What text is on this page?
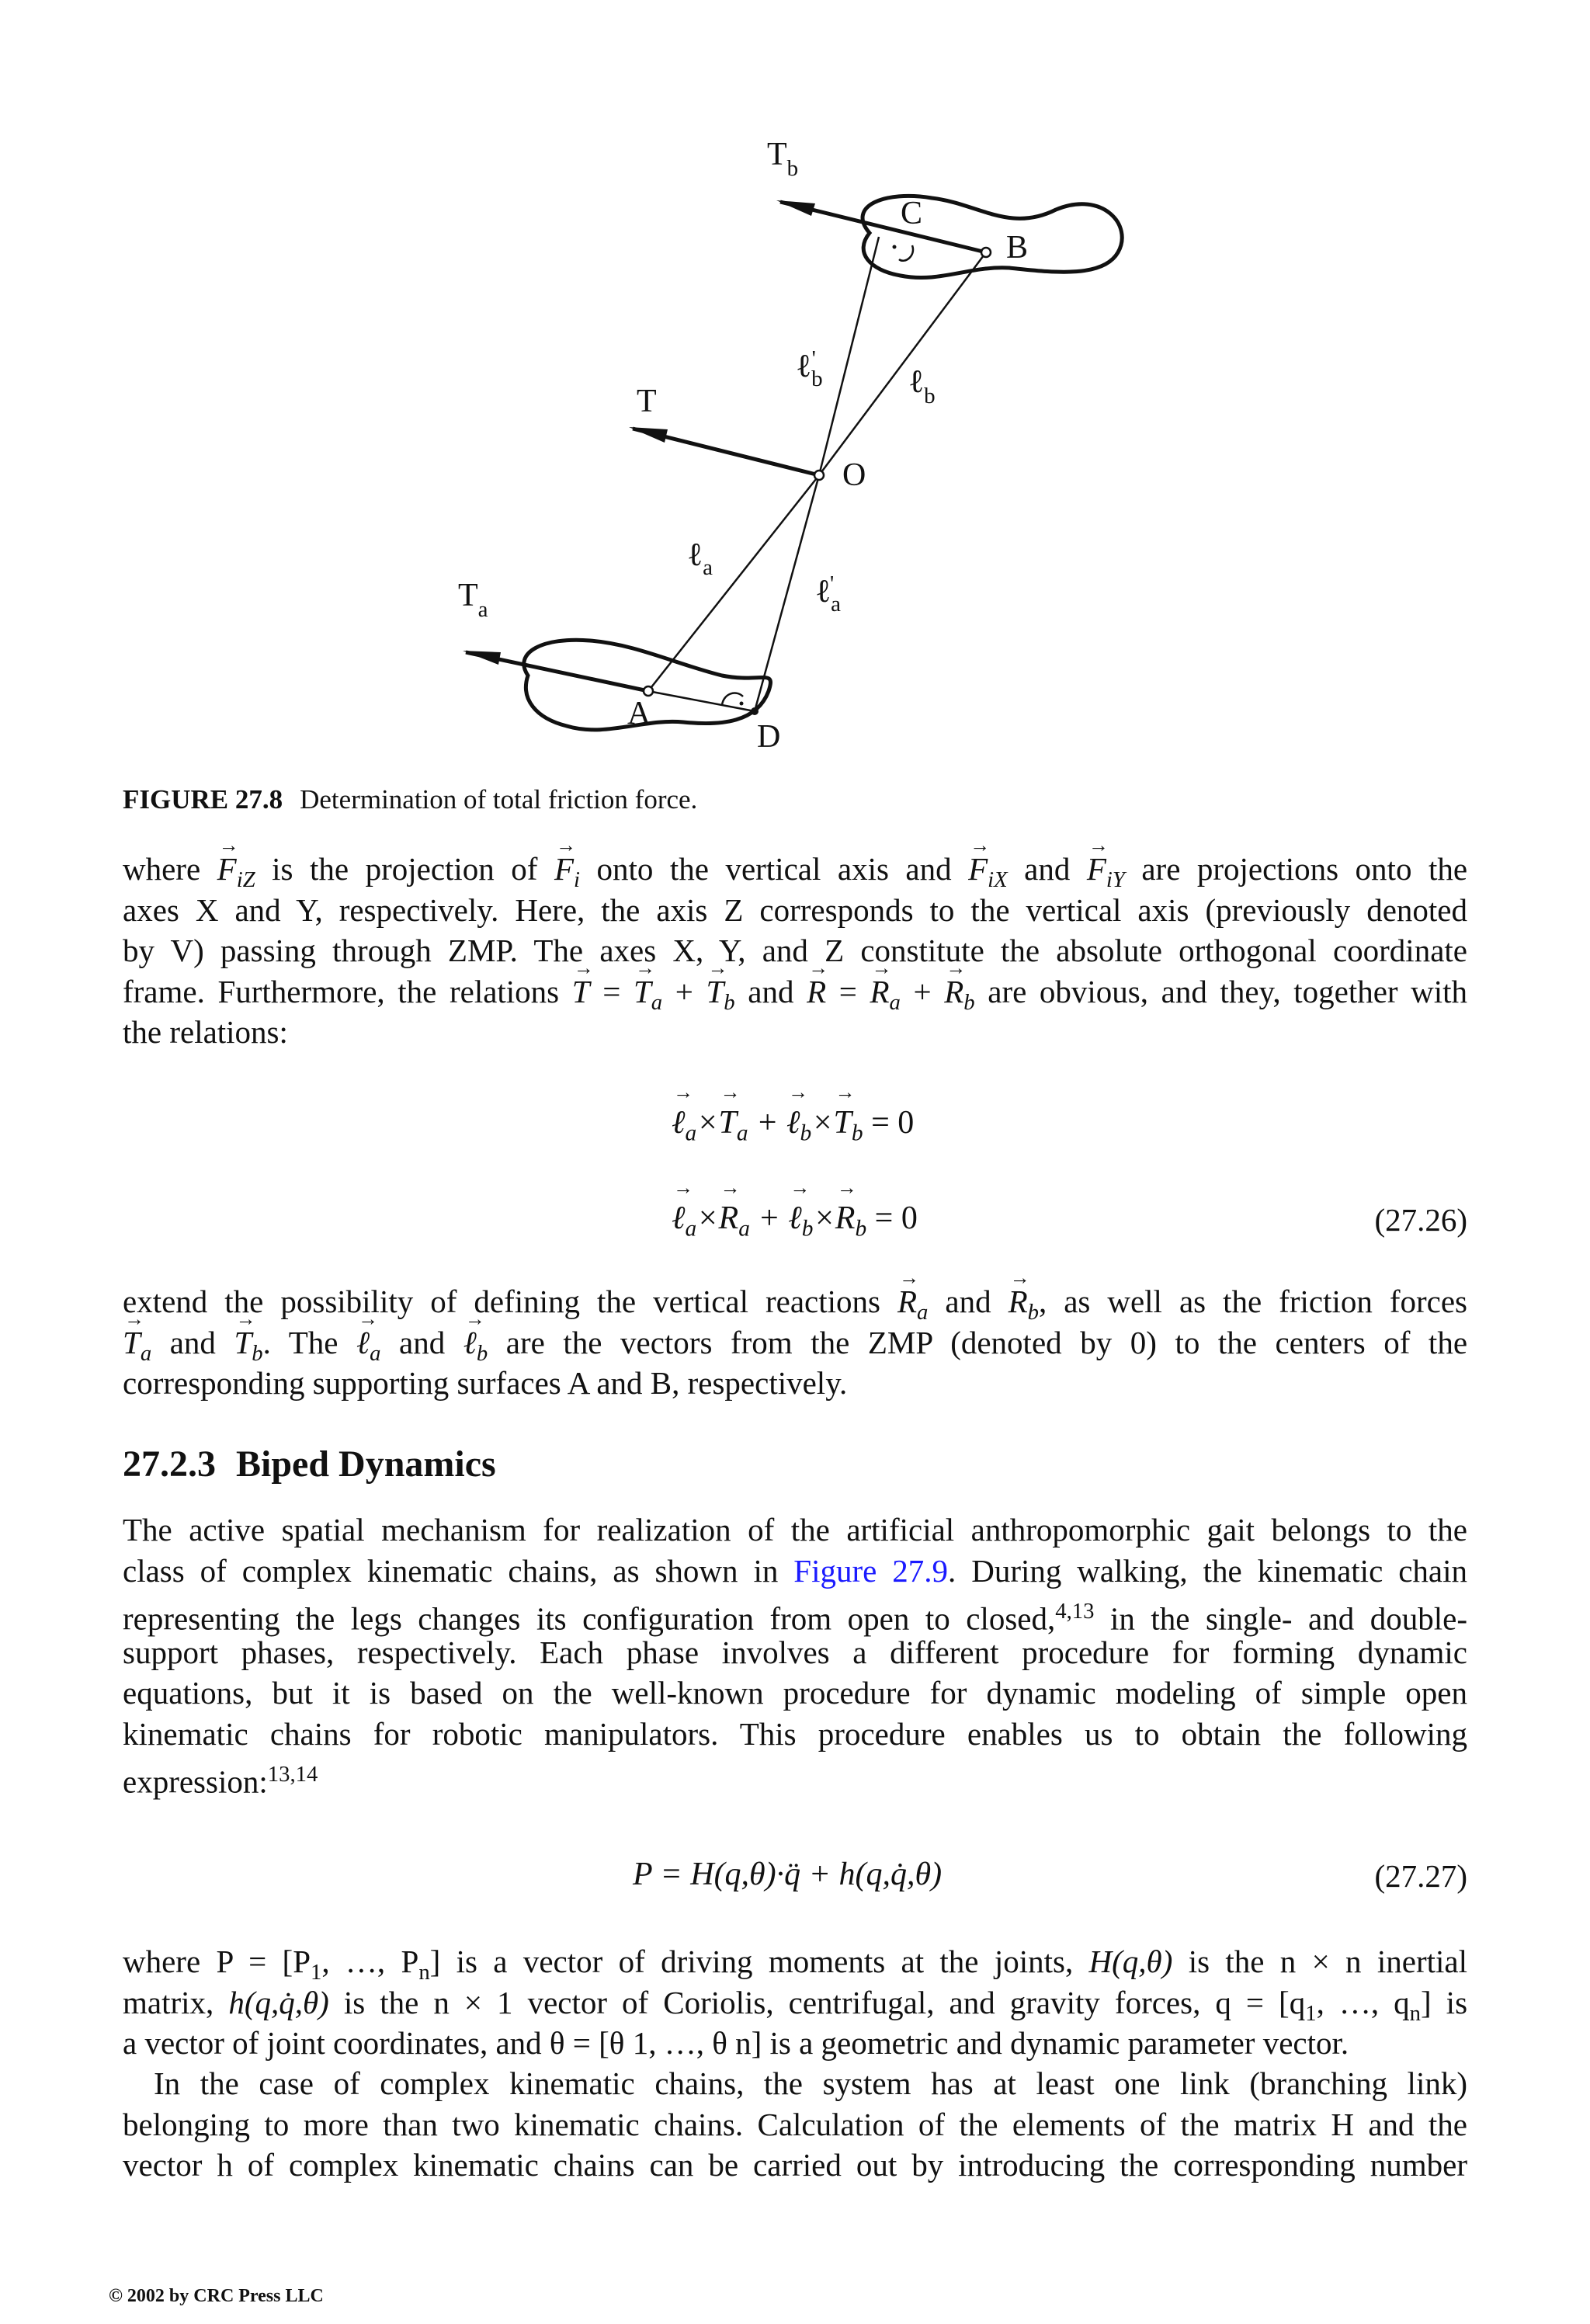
$T_b$
C
B
ℓ$_b$'
ℓ$_b$
T
O
ℓ$_a$
ℓ$_a$'
$T_a$
A
D
FIGURE 27.8 Determination of total friction force.
where → $F_{iZ}$ is the projection of → $F_i$ onto the vertical axis and → $F_{iX}$ and → $F_{iY}$ are projections onto the
axes X and Y, respectively. Here, the axis Z corresponds to the vertical axis (previously denoted
by V) passing through ZMP. The axes X, Y, and Z constitute the absolute orthogonal coordinate
frame. Furthermore, the relations → T = → $T_a$ + → $T_b$ and → R = → $R_a$ + → $R_b$ are obvious, and they, together with
the relations:
→ ℓ$_a$×→ $T_a$ + → ℓ$_b$×→ $T_b = 0$
→ ℓ$_a$×→ $R_a$ + → ℓ$_b$×→ $R_b = 0$	(27.26)
extend the possibility of defining the vertical reactions → $R_a$ and → $R_b$, as well as the friction forces
→ $T_a$ and → $T_b$. The → ℓ$_a$ and → ℓ$_b$ are the vectors from the ZMP (denoted by 0) to the centers of the
corresponding supporting surfaces A and B, respectively.
27.2.3 Biped Dynamics
The active spatial mechanism for realization of the artificial anthropomorphic gait belongs to the
class of complex kinematic chains, as shown in Figure 27.9. During walking, the kinematic chain
representing the legs changes its configuration from open to closed,$^{4,13}$ in the single- and double-
support phases, respectively. Each phase involves a different procedure for forming dynamic
equations, but it is based on the well-known procedure for dynamic modeling of simple open
kinematic chains for robotic manipulators. This procedure enables us to obtain the following
expression:$^{13,14}$
P = H(q,θ)·q̈ + h(q,q̇,θ)	(27.27)
where $P = [P_1$, …, $P_n$] is a vector of driving moments at the joints, H(q,θ) is the n × n inertial
matrix, h(q,q̇,θ) is the n × 1 vector of Coriolis, centrifugal, and gravity forces, $q = [q_1$, …, $q_n$] is
a vector of joint coordinates, and θ = [θ 1, …, θ n] is a geometric and dynamic parameter vector.
In the case of complex kinematic chains, the system has at least one link (branching link)
belonging to more than two kinematic chains. Calculation of the elements of the matrix H and the
vector h of complex kinematic chains can be carried out by introducing the corresponding number
© 2002 by CRC Press LLC
